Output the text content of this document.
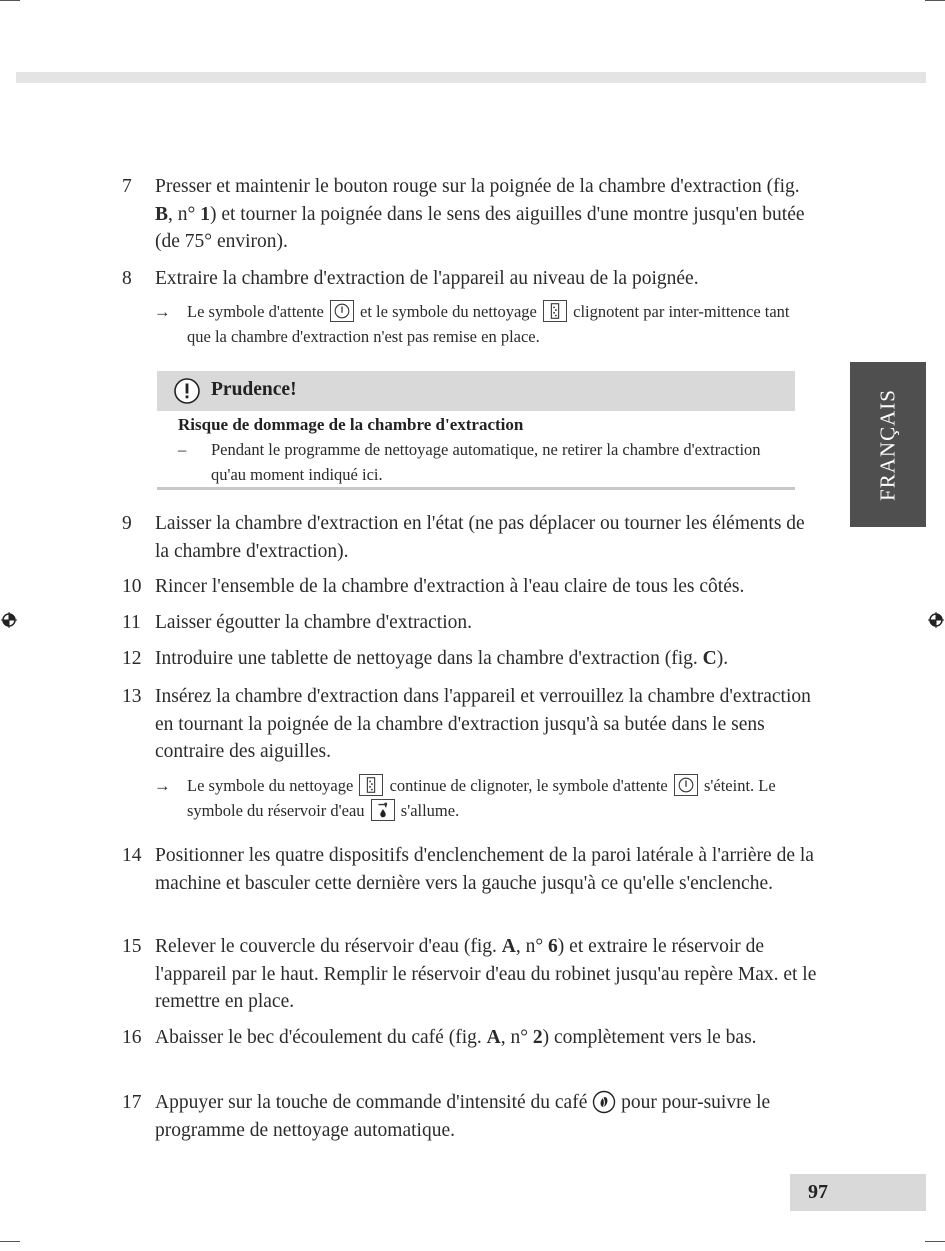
FRANÇAIS
7	Presser et maintenir le bouton rouge sur la poignée de la chambre d'extraction (fig. B, n° 1) et tourner la poignée dans le sens des aiguilles d'une montre jusqu'en butée (de 75° environ).
8	Extraire la chambre d'extraction de l'appareil au niveau de la poignée.
→ Le symbole d'attente et le symbole du nettoyage clignotent par inter-mittence tant que la chambre d'extraction n'est pas remise en place.
Prudence!
Risque de dommage de la chambre d'extraction
– Pendant le programme de nettoyage automatique, ne retirer la chambre d'extraction qu'au moment indiqué ici.
9	Laisser la chambre d'extraction en l'état (ne pas déplacer ou tourner les éléments de la chambre d'extraction).
10 Rincer l'ensemble de la chambre d'extraction à l'eau claire de tous les côtés.
11 Laisser égoutter la chambre d'extraction.
12 Introduire une tablette de nettoyage dans la chambre d'extraction (fig. C).
13 Insérez la chambre d'extraction dans l'appareil et verrouillez la chambre d'extraction en tournant la poignée de la chambre d'extraction jusqu'à sa butée dans le sens contraire des aiguilles.
→ Le symbole du nettoyage continue de clignoter, le symbole d'attente s'éteint. Le symbole du réservoir d'eau s'allume.
14 Positionner les quatre dispositifs d'enclenchement de la paroi latérale à l'arrière de la machine et basculer cette dernière vers la gauche jusqu'à ce qu'elle s'enclenche.
15 Relever le couvercle du réservoir d'eau (fig. A, n° 6) et extraire le réservoir de l'appareil par le haut. Remplir le réservoir d'eau du robinet jusqu'au repère Max. et le remettre en place.
16 Abaisser le bec d'écoulement du café (fig. A, n° 2) complètement vers le bas.
17 Appuyer sur la touche de commande d'intensité du café pour pour-suivre le programme de nettoyage automatique.
97
